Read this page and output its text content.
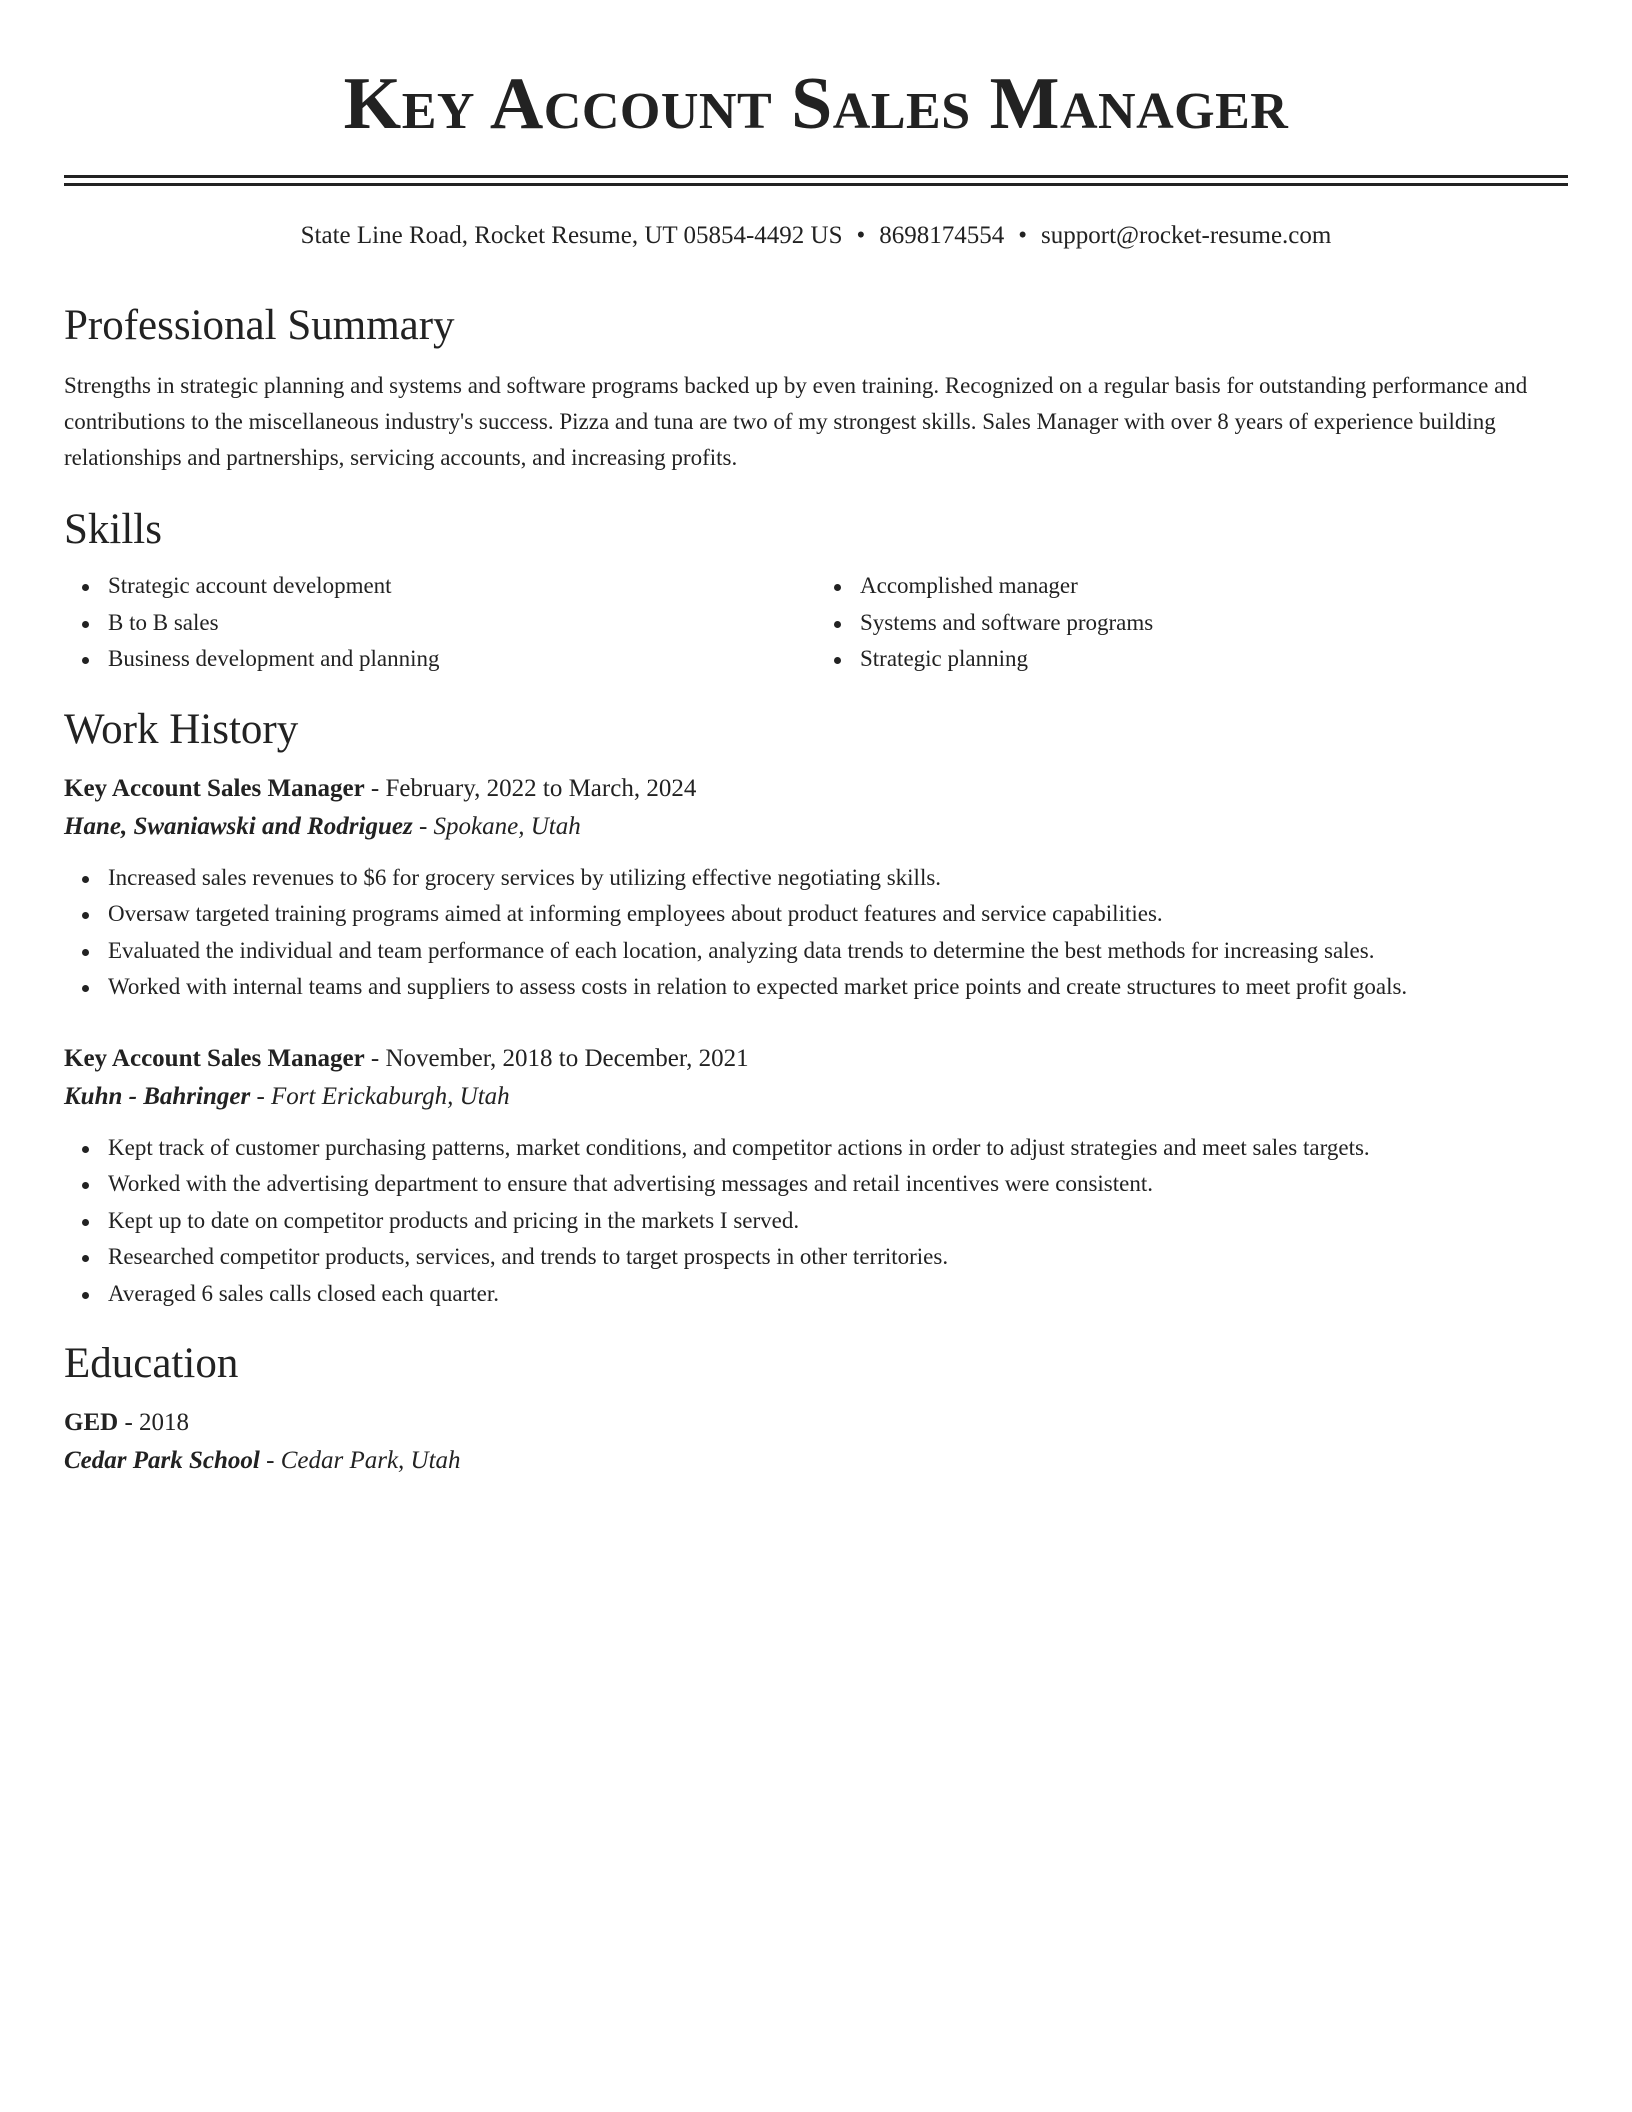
Key Account Sales Manager
State Line Road, Rocket Resume, UT 05854-4492 US • 8698174554 • support@rocket-resume.com
Professional Summary
Strengths in strategic planning and systems and software programs backed up by even training. Recognized on a regular basis for outstanding performance and contributions to the miscellaneous industry's success. Pizza and tuna are two of my strongest skills. Sales Manager with over 8 years of experience building relationships and partnerships, servicing accounts, and increasing profits.
Skills
Strategic account development
B to B sales
Business development and planning
Accomplished manager
Systems and software programs
Strategic planning
Work History
Key Account Sales Manager - February, 2022 to March, 2024
Hane, Swaniawski and Rodriguez - Spokane, Utah
Increased sales revenues to $6 for grocery services by utilizing effective negotiating skills.
Oversaw targeted training programs aimed at informing employees about product features and service capabilities.
Evaluated the individual and team performance of each location, analyzing data trends to determine the best methods for increasing sales.
Worked with internal teams and suppliers to assess costs in relation to expected market price points and create structures to meet profit goals.
Key Account Sales Manager - November, 2018 to December, 2021
Kuhn - Bahringer - Fort Erickaburgh, Utah
Kept track of customer purchasing patterns, market conditions, and competitor actions in order to adjust strategies and meet sales targets.
Worked with the advertising department to ensure that advertising messages and retail incentives were consistent.
Kept up to date on competitor products and pricing in the markets I served.
Researched competitor products, services, and trends to target prospects in other territories.
Averaged 6 sales calls closed each quarter.
Education
GED - 2018
Cedar Park School - Cedar Park, Utah
